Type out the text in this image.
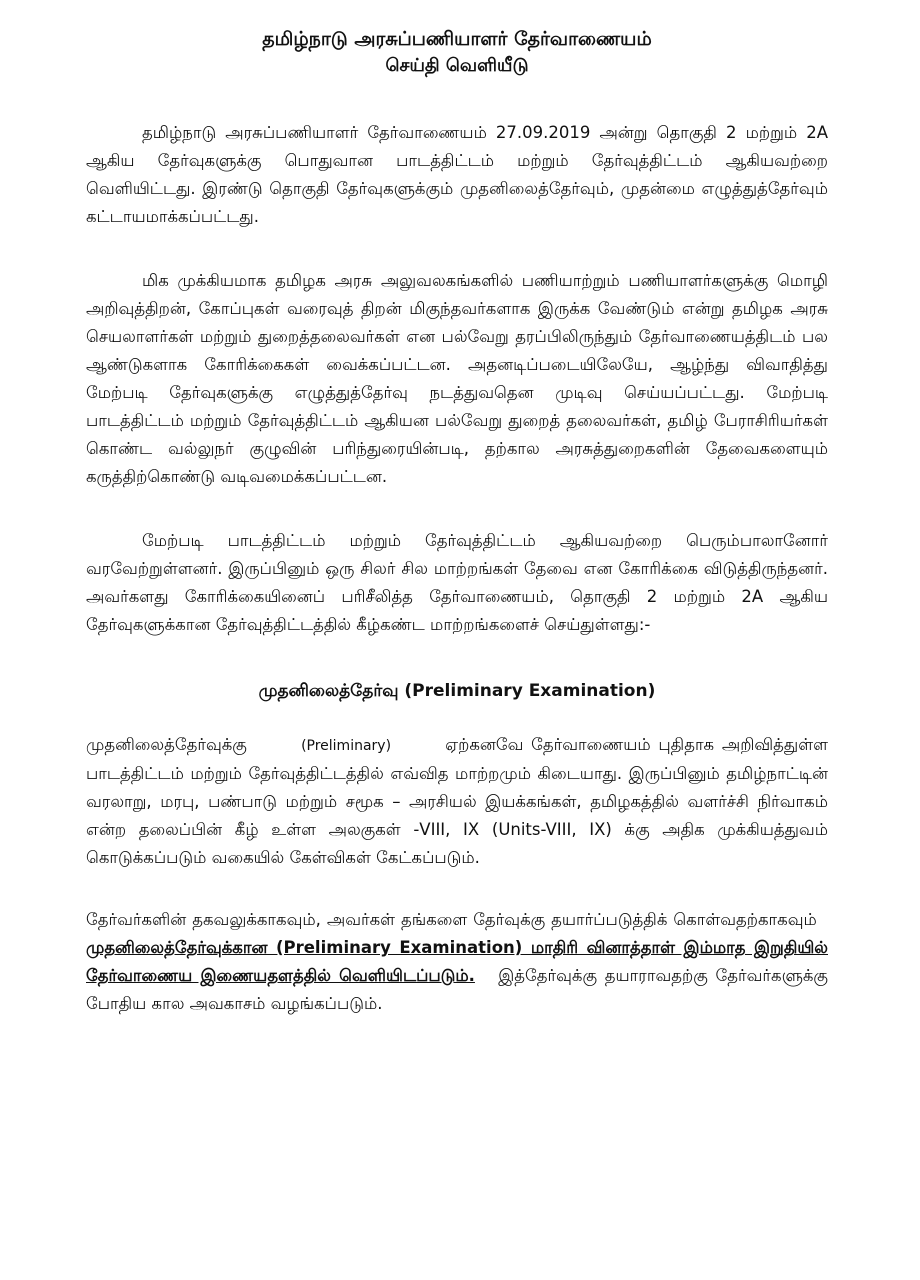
தமிழ்நாடு அரசுப்பணியாளர் தேர்வாணையம்

செய்தி வெளியீடு

தமிழ்நாடு அரசுப்பணியாளர் தேர்வாணையம் 27.09.2019 அன்று தொகுதி 2 மற்றும் 2A ஆகிய தேர்வுகளுக்கு பொதுவான பாடத்திட்டம் மற்றும் தேர்வுத்திட்டம் ஆகியவற்றை வெளியிட்டது. இரண்டு தொகுதி தேர்வுகளுக்கும் முதனிலைத்தேர்வும், முதன்மை எழுத்துத்தேர்வும் கட்டாயமாக்கப்பட்டது.

மிக முக்கியமாக தமிழக அரசு அலுவலகங்களில் பணியாற்றும் பணியாளர்களுக்கு மொழி அறிவுத்திறன், கோப்புகள் வரைவுத் திறன் மிகுந்தவர்களாக இருக்க வேண்டும் என்று தமிழக அரசு செயலாளர்கள் மற்றும் துறைத்தலைவர்கள் என பல்வேறு தரப்பிலிருந்தும் தேர்வாணையத்திடம் பல ஆண்டுகளாக கோரிக்கைகள் வைக்கப்பட்டன. அதனடிப்படையிலேயே, ஆழ்ந்து விவாதித்து மேற்படி தேர்வுகளுக்கு எழுத்துத்தேர்வு நடத்துவதென முடிவு செய்யப்பட்டது. மேற்படி பாடத்திட்டம் மற்றும் தேர்வுத்திட்டம் ஆகியன பல்வேறு துறைத் தலைவர்கள், தமிழ் பேராசிரியர்கள் கொண்ட வல்லுநர் குழுவின் பரிந்துரையின்படி, தற்கால அரசுத்துறைகளின் தேவைகளையும் கருத்திற்கொண்டு வடிவமைக்கப்பட்டன.

மேற்படி பாடத்திட்டம் மற்றும் தேர்வுத்திட்டம் ஆகியவற்றை பெரும்பாலானோர் வரவேற்றுள்ளனர். இருப்பினும் ஒரு சிலர் சில மாற்றங்கள் தேவை என கோரிக்கை விடுத்திருந்தனர். அவர்களது கோரிக்கையினைப் பரிசீலித்த தேர்வாணையம், தொகுதி 2 மற்றும் 2A ஆகிய தேர்வுகளுக்கான தேர்வுத்திட்டத்தில் கீழ்கண்ட மாற்றங்களைச் செய்துள்ளது:-

முதனிலைத்தேர்வு (Preliminary Examination)

முதனிலைத்தேர்வுக்கு	(Preliminary)	ஏற்கனவே தேர்வாணையம் புதிதாக அறிவித்துள்ள பாடத்திட்டம் மற்றும் தேர்வுத்திட்டத்தில் எவ்வித மாற்றமும் கிடையாது. இருப்பினும் தமிழ்நாட்டின் வரலாறு, மரபு, பண்பாடு மற்றும் சமூக – அரசியல் இயக்கங்கள், தமிழகத்தில் வளர்ச்சி நிர்வாகம் என்ற தலைப்பின் கீழ் உள்ள அலகுகள் -VIII, IX (Units-VIII, IX) க்கு அதிக முக்கியத்துவம் கொடுக்கப்படும் வகையில் கேள்விகள் கேட்கப்படும்.

தேர்வர்களின் தகவலுக்காகவும், அவர்கள் தங்களை தேர்வுக்கு தயார்ப்படுத்திக் கொள்வதற்காகவும்   முதனிலைத்தேர்வுக்கான (Preliminary Examination) மாதிரி வினாத்தாள் இம்மாத இறுதியில் தேர்வாணைய இணையதளத்தில் வெளியிடப்படும். இத்தேர்வுக்கு தயாராவதற்கு தேர்வர்களுக்கு போதிய கால அவகாசம் வழங்கப்படும்.
